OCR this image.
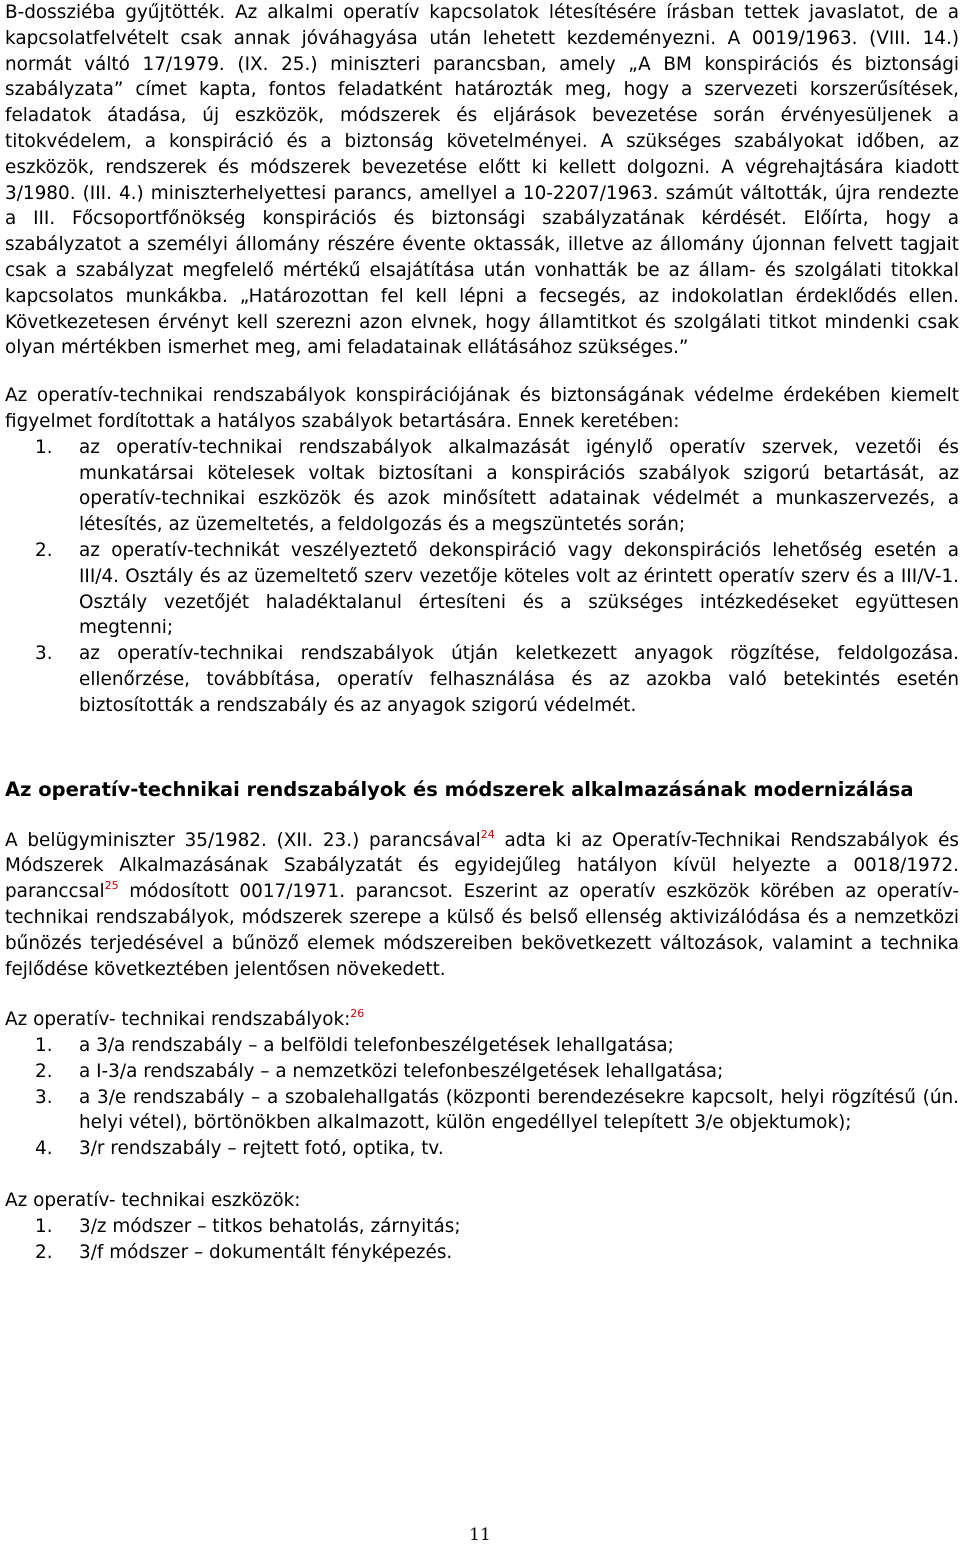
B-dossziéba gyűjtötték. Az alkalmi operatív kapcsolatok létesítésére írásban tettek javaslatot, de a kapcsolatfelvételt csak annak jóváhagyása után lehetett kezdeményezni. A 0019/1963. (VIII. 14.) normát váltó 17/1979. (IX. 25.) miniszteri parancsban, amely „A BM konspirációs és biztonsági szabályzata” címet kapta, fontos feladatként határozták meg, hogy a szervezeti korszerűsítések, feladatok átadása, új eszközök, módszerek és eljárások bevezetése során érvényesüljenek a titokvédelem, a konspiráció és a biztonság követelményei. A szükséges szabályokat időben, az eszközök, rendszerek és módszerek bevezetése előtt ki kellett dolgozni. A végrehajtására kiadott 3/1980. (III. 4.) miniszterhelyettesi parancs, amellyel a 10-2207/1963. számút váltották, újra rendezte a III. Főcsoportfőnökség konspirációs és biztonsági szabályzatának kérdését. Előírta, hogy a szabályzatot a személyi állomány részére évente oktassák, illetve az állomány újonnan felvett tagjait csak a szabályzat megfelelő mértékű elsajátítása után vonhatták be az állam- és szolgálati titokkal kapcsolatos munkákba. „Határozottan fel kell lépni a fecsegés, az indokolatlan érdeklődés ellen. Következetesen érvényt kell szerezni azon elvnek, hogy államtitkot és szolgálati titkot mindenki csak olyan mértékben ismerhet meg, ami feladatainak ellátásához szükséges.”

Az operatív-technikai rendszabályok konspirációjának és biztonságának védelme érdekében kiemelt figyelmet fordítottak a hatályos szabályok betartására. Ennek keretében:

1.	az operatív-technikai rendszabályok alkalmazását igénylő operatív szervek, vezetői és munkatársai kötelesek voltak biztosítani a konspirációs szabályok szigorú betartását, az operatív-technikai eszközök és azok minősített adatainak védelmét a munkaszervezés, a létesítés, az üzemeltetés, a feldolgozás és a megszüntetés során;
2.	az operatív-technikát veszélyeztető dekonspiráció vagy dekonspirációs lehetőség esetén a III/4. Osztály és az üzemeltető szerv vezetője köteles volt az érintett operatív szerv és a III/V-1. Osztály vezetőjét haladéktalanul értesíteni és a szükséges intézkedéseket együttesen megtenni;
3.	az operatív-technikai rendszabályok útján keletkezett anyagok rögzítése, feldolgozása. ellenőrzése, továbbítása, operatív felhasználása és az azokba való betekintés esetén biztosították a rendszabály és az anyagok szigorú védelmét.
Az operatív-technikai rendszabályok és módszerek alkalmazásának modernizálása

A belügyminiszter 35/1982. (XII. 23.) parancsával$^{24}$ adta ki az Operatív-Technikai Rendszabályok és Módszerek Alkalmazásának Szabályzatát és egyidejűleg hatályon kívül helyezte a 0018/1972. paranccsal$^{25}$ módosított 0017/1971. parancsot. Eszerint az operatív eszközök körében az operatív-technikai rendszabályok, módszerek szerepe a külső és belső ellenség aktivizálódása és a nemzetközi bűnözés terjedésével a bűnöző elemek módszereiben bekövetkezett változások, valamint a technika fejlődése következtében jelentősen növekedett.

Az operatív- technikai rendszabályok:$^{26}$

1.	a 3/a rendszabály – a belföldi telefonbeszélgetések lehallgatása;
2.	a I-3/a rendszabály – a nemzetközi telefonbeszélgetések lehallgatása;
3.	a 3/e rendszabály – a szobalehallgatás (központi berendezésekre kapcsolt, helyi rögzítésű (ún. helyi vétel), börtönökben alkalmazott, külön engedéllyel telepített 3/e objektumok);
4.	3/r rendszabály – rejtett fotó, optika, tv.

Az operatív- technikai eszközök:

1.	3/z módszer – titkos behatolás, zárnyitás;
2.	3/f módszer – dokumentált fényképezés.
11
